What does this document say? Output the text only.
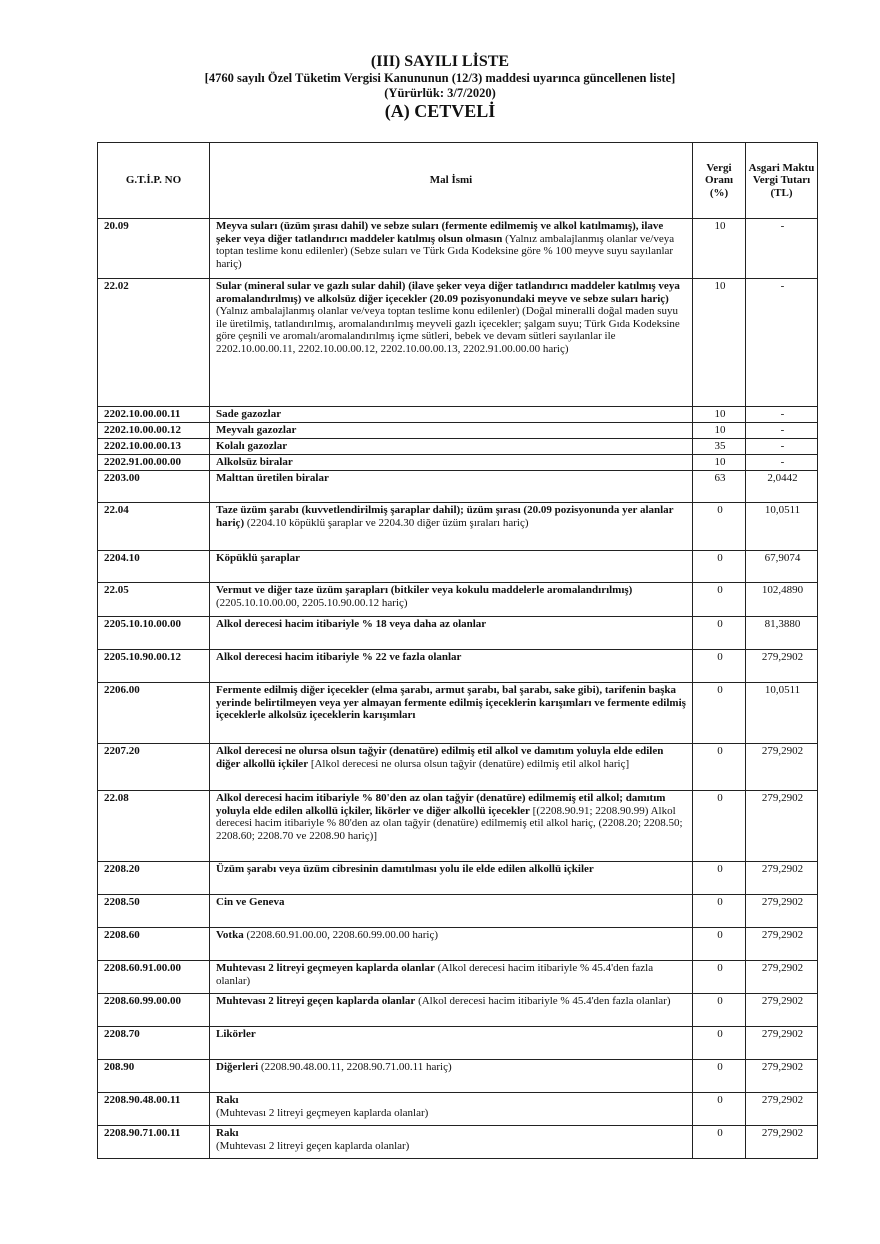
(III) SAYILI LİSTE
[4760 sayılı Özel Tüketim Vergisi Kanununun (12/3) maddesi uyarınca güncellenen liste]
(Yürürlük: 3/7/2020)
(A) CETVELİ
G.T.İ.P. NO	Mal İsmi	Vergi Oranı (%)	Asgari Maktu Vergi Tutarı (TL)
20.09	Meyva suları (üzüm şırası dahil) ve sebze suları (fermente edilmemiş ve alkol katılmamış), ilave şeker veya diğer tatlandırıcı maddeler katılmış olsun olmasın (Yalnız ambalajlanmış olanlar ve/veya toptan teslime konu edilenler) (Sebze suları ve Türk Gıda Kodeksine göre % 100 meyve suyu sayılanlar hariç)	10	-
22.02	Sular (mineral sular ve gazlı sular dahil) (ilave şeker veya diğer tatlandırıcı maddeler katılmış veya aromalandırılmış) ve alkolsüz diğer içecekler (20.09 pozisyonundaki meyve ve sebze suları hariç) (Yalnız ambalajlanmış olanlar ve/veya toptan teslime konu edilenler) (Doğal mineralli doğal maden suyu ile üretilmiş, tatlandırılmış, aromalandırılmış meyveli gazlı içecekler; şalgam suyu; Türk Gıda Kodeksine göre çeşnili ve aromalı/aromalandırılmış içme sütleri, bebek ve devam sütleri sayılanlar ile 2202.10.00.00.11, 2202.10.00.00.12, 2202.10.00.00.13, 2202.91.00.00.00 hariç)	10	-
2202.10.00.00.11	Sade gazozlar	10	-
2202.10.00.00.12	Meyvalı gazozlar	10	-
2202.10.00.00.13	Kolalı gazozlar	35	-
2202.91.00.00.00	Alkolsüz biralar	10	-
2203.00	Malttan üretilen biralar	63	2,0442
22.04	Taze üzüm şarabı (kuvvetlendirilmiş şaraplar dahil); üzüm şırası (20.09 pozisyonunda yer alanlar hariç) (2204.10 köpüklü şaraplar ve 2204.30 diğer üzüm şıraları hariç)	0	10,0511
2204.10	Köpüklü şaraplar	0	67,9074
22.05	Vermut ve diğer taze üzüm şarapları (bitkiler veya kokulu maddelerle aromalandırılmış) (2205.10.10.00.00, 2205.10.90.00.12 hariç)	0	102,4890
2205.10.10.00.00	Alkol derecesi hacim itibariyle % 18 veya daha az olanlar	0	81,3880
2205.10.90.00.12	Alkol derecesi hacim itibariyle % 22 ve fazla olanlar	0	279,2902
2206.00	Fermente edilmiş diğer içecekler (elma şarabı, armut şarabı, bal şarabı, sake gibi), tarifenin başka yerinde belirtilmeyen veya yer almayan fermente edilmiş içeceklerin karışımları ve fermente edilmiş içeceklerle alkolsüz içeceklerin karışımları	0	10,0511
2207.20	Alkol derecesi ne olursa olsun tağyir (denatüre) edilmiş etil alkol ve damıtım yoluyla elde edilen diğer alkollü içkiler [Alkol derecesi ne olursa olsun tağyir (denatüre) edilmiş etil alkol hariç]	0	279,2902
22.08	Alkol derecesi hacim itibariyle % 80'den az olan tağyir (denatüre) edilmemiş etil alkol; damıtım yoluyla elde edilen alkollü içkiler, likörler ve diğer alkollü içecekler [(2208.90.91; 2208.90.99) Alkol derecesi hacim itibariyle % 80'den az olan tağyir (denatüre) edilmemiş etil alkol hariç, (2208.20; 2208.50; 2208.60; 2208.70 ve 2208.90 hariç)]	0	279,2902
2208.20	Üzüm şarabı veya üzüm cibresinin damıtılması yolu ile elde edilen alkollü içkiler	0	279,2902
2208.50	Cin ve Geneva	0	279,2902
2208.60	Votka (2208.60.91.00.00, 2208.60.99.00.00 hariç)	0	279,2902
2208.60.91.00.00	Muhtevası 2 litreyi geçmeyen kaplarda olanlar (Alkol derecesi hacim itibariyle % 45.4'den fazla olanlar)	0	279,2902
2208.60.99.00.00	Muhtevası 2 litreyi geçen kaplarda olanlar (Alkol derecesi hacim itibariyle % 45.4'den fazla olanlar)	0	279,2902
2208.70	Likörler	0	279,2902
208.90	Diğerleri (2208.90.48.00.11, 2208.90.71.00.11 hariç)	0	279,2902
2208.90.48.00.11	Rakı
(Muhtevası 2 litreyi geçmeyen kaplarda olanlar)	0	279,2902
2208.90.71.00.11	Rakı
(Muhtevası 2 litreyi geçen kaplarda olanlar)	0	279,2902
